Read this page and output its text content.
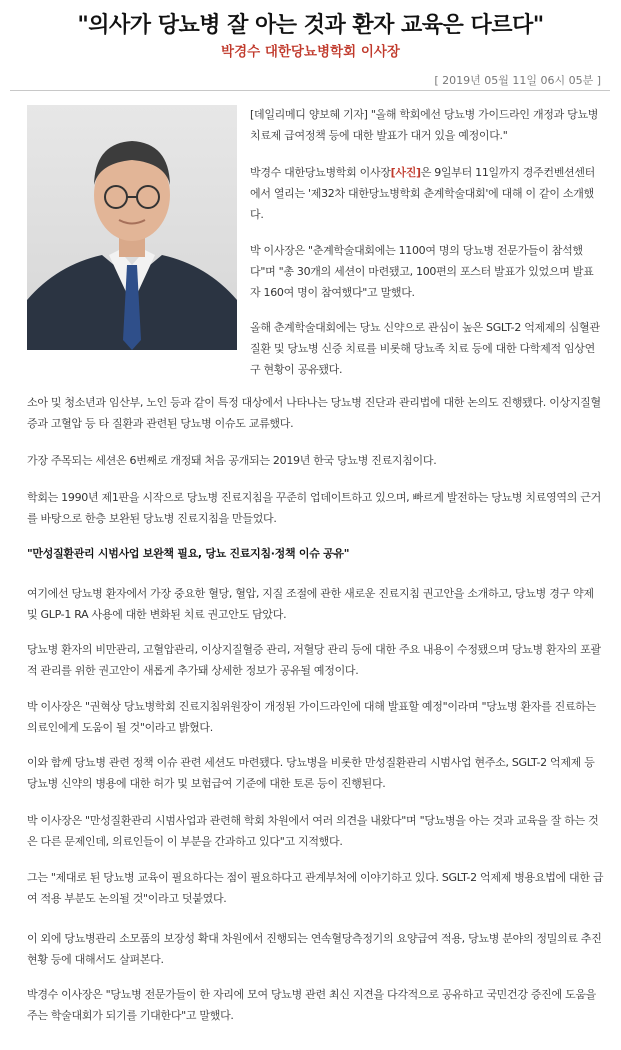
"의사가 당뇨병 잘 아는 것과 환자 교육은 다르다"
박경수 대한당뇨병학회 이사장
[ 2019년 05월 11일 06시 05분 ]

[데일리메디 양보혜 기자] "올해 학회에선 당뇨병 가이드라인 개정과 당뇨병치료제 급여정책 등에 대한 발표가 대거 있을 예정이다."

박경수 대한당뇨병학회 이사장[사진]은 9일부터 11일까지 경주컨벤션센터에서 열리는 '제32차 대한당뇨병학회 춘계학술대회'에 대해 이 같이 소개했다.

박 이사장은 "춘계학술대회에는 1100여 명의 당뇨병 전문가들이 참석했다"며 "총 30개의 세션이 마련됐고, 100편의 포스터 발표가 있었으며 발표자 160여 명이 참여했다"고 말했다.

올해 춘계학술대회에는 당뇨 신약으로 관심이 높은 SGLT-2 억제제의 심혈관질환 및 당뇨병 신증 치료를 비롯해 당뇨족 치료 등에 대한 다학제적 임상연구 현황이 공유됐다.

소아 및 청소년과 임산부, 노인 등과 같이 특정 대상에서 나타나는 당뇨병 진단과 관리법에 대한 논의도 진행됐다. 이상지질혈증과 고혈압 등 타 질환과 관련된 당뇨병 이슈도 교류했다.

가장 주목되는 세션은 6번째로 개정돼 처음 공개되는 2019년 한국 당뇨병 진료지침이다.

학회는 1990년 제1판을 시작으로 당뇨병 진료지침을 꾸준히 업데이트하고 있으며, 빠르게 발전하는 당뇨병 치료영역의 근거를 바탕으로 한층 보완된 당뇨병 진료지침을 만들었다.

"만성질환관리 시범사업 보완책 필요, 당뇨 진료지침·정책 이슈 공유"

여기에선 당뇨병 환자에서 가장 중요한 혈당, 혈압, 지질 조절에 관한 새로운 진료지침 권고안을 소개하고, 당뇨병 경구 약제 및 GLP-1 RA 사용에 대한 변화된 치료 권고안도 담았다.

당뇨병 환자의 비만관리, 고혈압관리, 이상지질혈증 관리, 저혈당 관리 등에 대한 주요 내용이 수정됐으며 당뇨병 환자의 포괄적 관리를 위한 권고안이 새롭게 추가돼 상세한 정보가 공유될 예정이다.

박 이사장은 "권혁상 당뇨병학회 진료지침위원장이 개정된 가이드라인에 대해 발표할 예정"이라며 "당뇨병 환자를 진료하는 의료인에게 도움이 될 것"이라고 밝혔다.

이와 함께 당뇨병 관련 정책 이슈 관련 세션도 마련됐다. 당뇨병을 비롯한 만성질환관리 시범사업 현주소, SGLT-2 억제제 등 당뇨병 신약의 병용에 대한 허가 및 보험급여 기준에 대한 토론 등이 진행된다.

박 이사장은 "만성질환관리 시범사업과 관련해 학회 차원에서 여러 의견을 내왔다"며 "당뇨병을 아는 것과 교육을 잘 하는 것은 다른 문제인데, 의료인들이 이 부분을 간과하고 있다"고 지적했다.

그는 "제대로 된 당뇨병 교육이 필요하다는 점이 필요하다고 관계부처에 이야기하고 있다. SGLT-2 억제제 병용요법에 대한 급여 적용 부분도 논의될 것"이라고 덧붙였다.

이 외에 당뇨병관리 소모품의 보장성 확대 차원에서 진행되는 연속혈당측정기의 요양급여 적용, 당뇨병 분야의 정밀의료 추진 현황 등에 대해서도 살펴본다.

박경수 이사장은 "당뇨병 전문가들이 한 자리에 모여 당뇨병 관련 최신 지견을 다각적으로 공유하고 국민건강 증진에 도움을 주는 학술대회가 되기를 기대한다"고 말했다.
